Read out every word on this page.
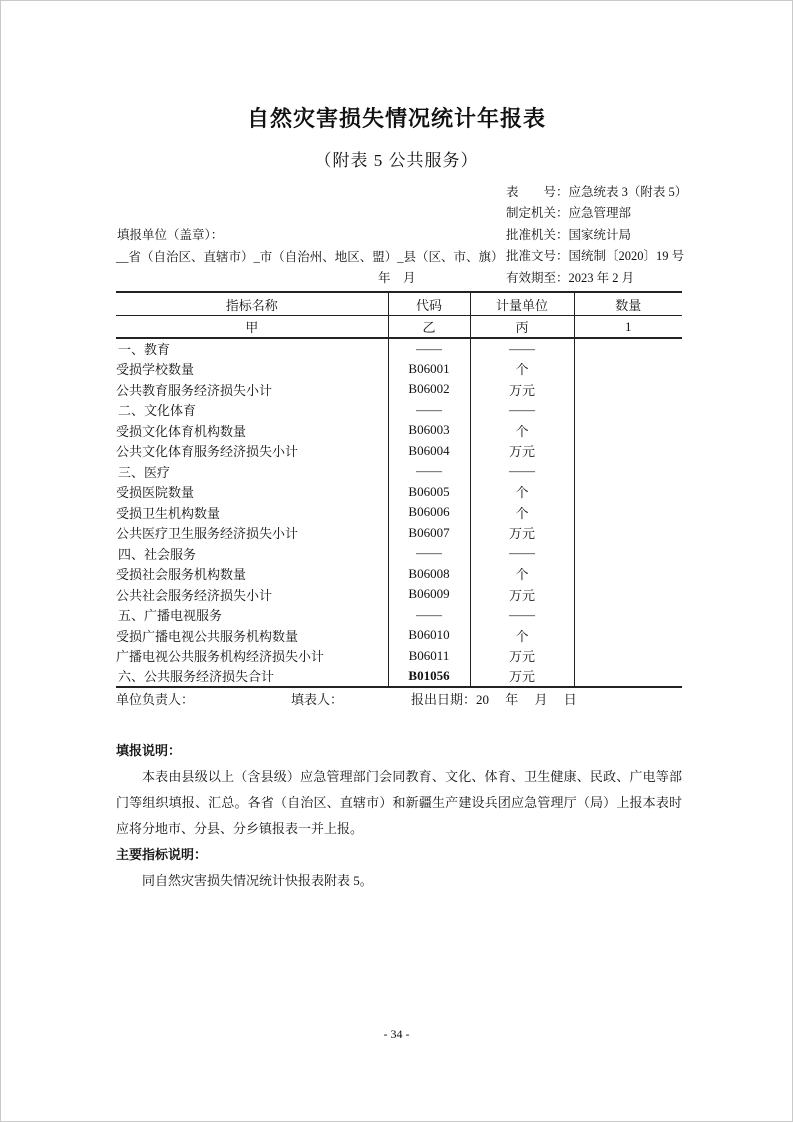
自然灾害损失情况统计年报表
（附表 5 公共服务）
表　　号：应急统表 3（附表 5）
制定机关：应急管理部
批准机关：国家统计局
批准文号：国统制〔2020〕19 号
有效期至：2023 年 2 月
填报单位（盖章）：
__省（自治区、直辖市）_市（自治州、地区、盟）_县（区、市、旗）
年　月
指标名称	代码	计量单位	数量
甲	乙	丙	1
一、教育	——	——	
受损学校数量	B06001	个	
公共教育服务经济损失小计	B06002	万元	
二、文化体育	——	——	
受损文化体育机构数量	B06003	个	
公共文化体育服务经济损失小计	B06004	万元	
三、医疗	——	——	
受损医院数量	B06005	个	
受损卫生机构数量	B06006	个	
公共医疗卫生服务经济损失小计	B06007	万元	
四、社会服务	——	——	
受损社会服务机构数量	B06008	个	
公共社会服务经济损失小计	B06009	万元	
五、广播电视服务	——	——	
受损广播电视公共服务机构数量	B06010	个	
广播电视公共服务机构经济损失小计	B06011	万元	
六、公共服务经济损失合计	B01056	万元	
单位负责人：	填表人：	报出日期：20　 年　 月　 日
填报说明：

本表由县级以上（含县级）应急管理部门会同教育、文化、体育、卫生健康、民政、广电等部门等组织填报、汇总。各省（自治区、直辖市）和新疆生产建设兵团应急管理厅（局）上报本表时应将分地市、分县、分乡镇报表一并上报。

主要指标说明：

同自然灾害损失情况统计快报表附表 5。

- 34 -
